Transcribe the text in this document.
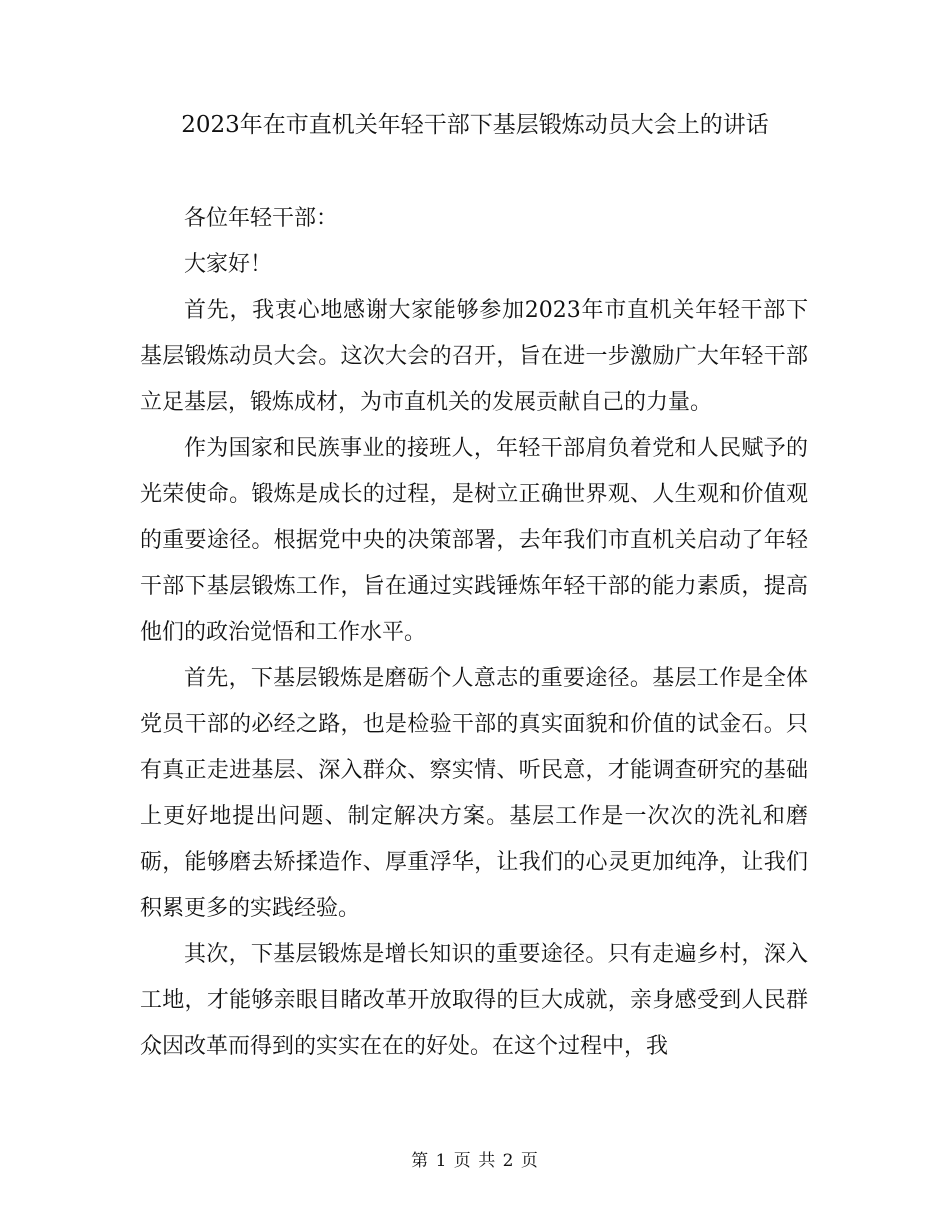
2023年在市直机关年轻干部下基层锻炼动员大会上的讲话

各位年轻干部：

大家好！

首先，我衷心地感谢大家能够参加2023年市直机关年轻干部下基层锻炼动员大会。这次大会的召开，旨在进一步激励广大年轻干部立足基层，锻炼成材，为市直机关的发展贡献自己的力量。

作为国家和民族事业的接班人，年轻干部肩负着党和人民赋予的光荣使命。锻炼是成长的过程，是树立正确世界观、人生观和价值观的重要途径。根据党中央的决策部署，去年我们市直机关启动了年轻干部下基层锻炼工作，旨在通过实践锤炼年轻干部的能力素质，提高他们的政治觉悟和工作水平。

首先，下基层锻炼是磨砺个人意志的重要途径。基层工作是全体党员干部的必经之路，也是检验干部的真实面貌和价值的试金石。只有真正走进基层、深入群众、察实情、听民意，才能调查研究的基础上更好地提出问题、制定解决方案。基层工作是一次次的洗礼和磨砺，能够磨去矫揉造作、厚重浮华，让我们的心灵更加纯净，让我们积累更多的实践经验。

其次，下基层锻炼是增长知识的重要途径。只有走遍乡村，深入工地，才能够亲眼目睹改革开放取得的巨大成就，亲身感受到人民群众因改革而得到的实实在在的好处。在这个过程中，我

第 1 页 共 2 页
